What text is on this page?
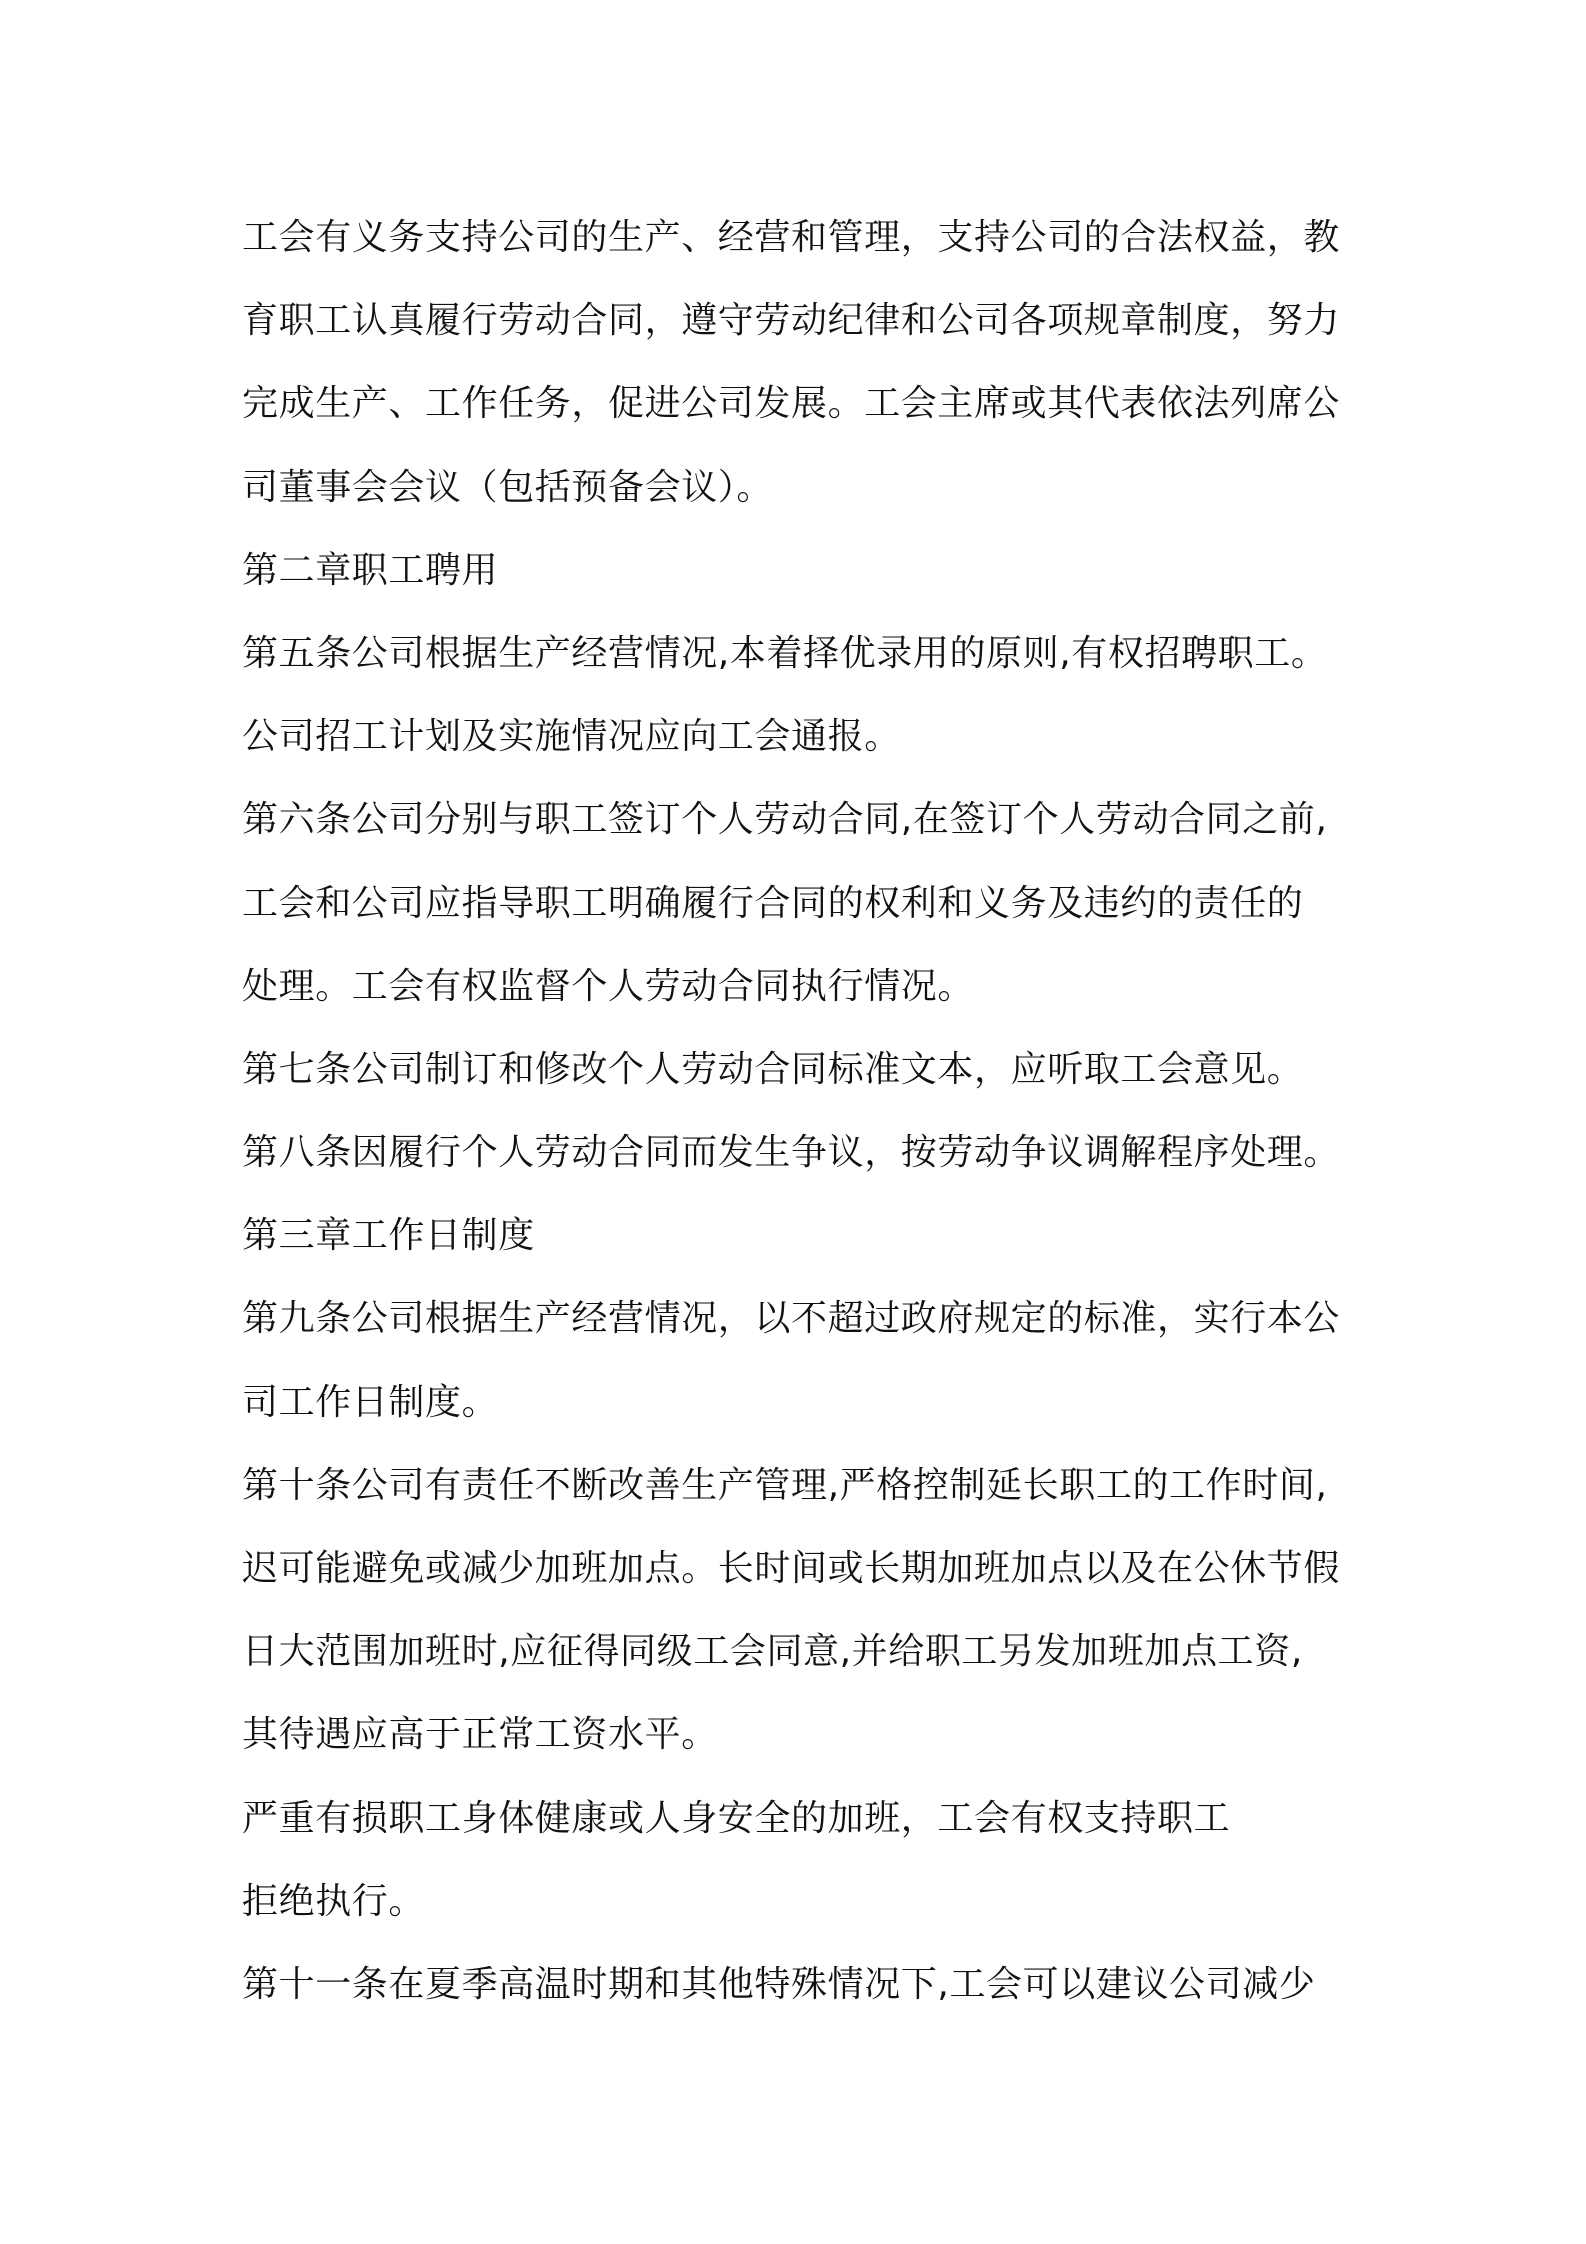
工会有义务支持公司的生产、经营和管理，支持公司的合法权益，教
育职工认真履行劳动合同，遵守劳动纪律和公司各项规章制度，努力
完成生产、工作任务，促进公司发展。工会主席或其代表依法列席公
司董事会会议（包括预备会议）。
第二章职工聘用
第五条公司根据生产经营情况,本着择优录用的原则,有权招聘职工。
公司招工计划及实施情况应向工会通报。
第六条公司分别与职工签订个人劳动合同,在签订个人劳动合同之前,
工会和公司应指导职工明确履行合同的权利和义务及违约的责任的
处理。工会有权监督个人劳动合同执行情况。
第七条公司制订和修改个人劳动合同标准文本，应听取工会意见。
第八条因履行个人劳动合同而发生争议，按劳动争议调解程序处理。
第三章工作日制度
第九条公司根据生产经营情况，以不超过政府规定的标准，实行本公
司工作日制度。
第十条公司有责任不断改善生产管理,严格控制延长职工的工作时间,
迟可能避免或减少加班加点。长时间或长期加班加点以及在公休节假
日大范围加班时,应征得同级工会同意,并给职工另发加班加点工资,
其待遇应高于正常工资水平。
严重有损职工身体健康或人身安全的加班，工会有权支持职工
拒绝执行。
第十一条在夏季高温时期和其他特殊情况下,工会可以建议公司减少
